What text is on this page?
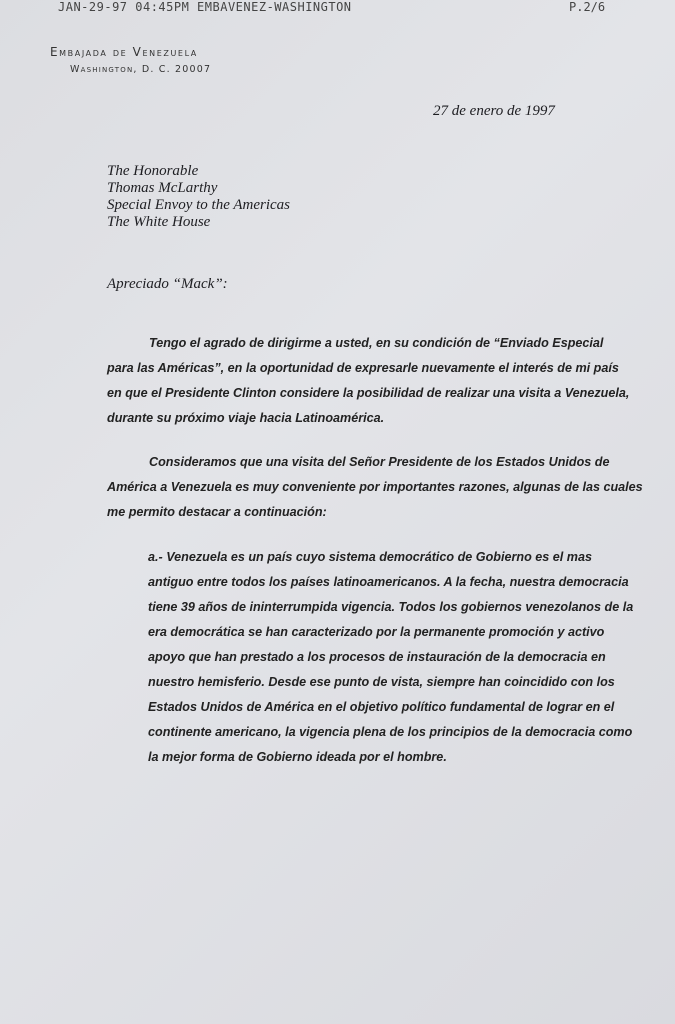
JAN-29-97 04:45PM EMBAVENEZ-WASHINGTON	P.2/6
Embajada de Venezuela
Washington, D. C. 20007
27 de enero de 1997
The Honorable
Thomas McLarthy
Special Envoy to the Americas
The White House
Apreciado “Mack”:
Tengo el agrado de dirigirme a usted, en su condición de “Enviado Especial
para las Américas”, en la oportunidad de expresarle nuevamente el interés de mi país
en que el Presidente Clinton considere la posibilidad de realizar una visita a Venezuela,
durante su próximo viaje hacia Latinoamérica.
Consideramos que una visita del Señor Presidente de los Estados Unidos de
América a Venezuela es muy conveniente por importantes razones, algunas de las cuales
me permito destacar a continuación:
a.- Venezuela es un país cuyo sistema democrático de Gobierno es el mas
antiguo entre todos los países latinoamericanos. A la fecha, nuestra democracia
tiene 39 años de ininterrumpida vigencia. Todos los gobiernos venezolanos de la
era democrática se han caracterizado por la permanente promoción y activo
apoyo que han prestado a los procesos de instauración de la democracia en
nuestro hemisferio. Desde ese punto de vista, siempre han coincidido con los
Estados Unidos de América en el objetivo político fundamental de lograr en el
continente americano, la vigencia plena de los principios de la democracia como
la mejor forma de Gobierno ideada por el hombre.
